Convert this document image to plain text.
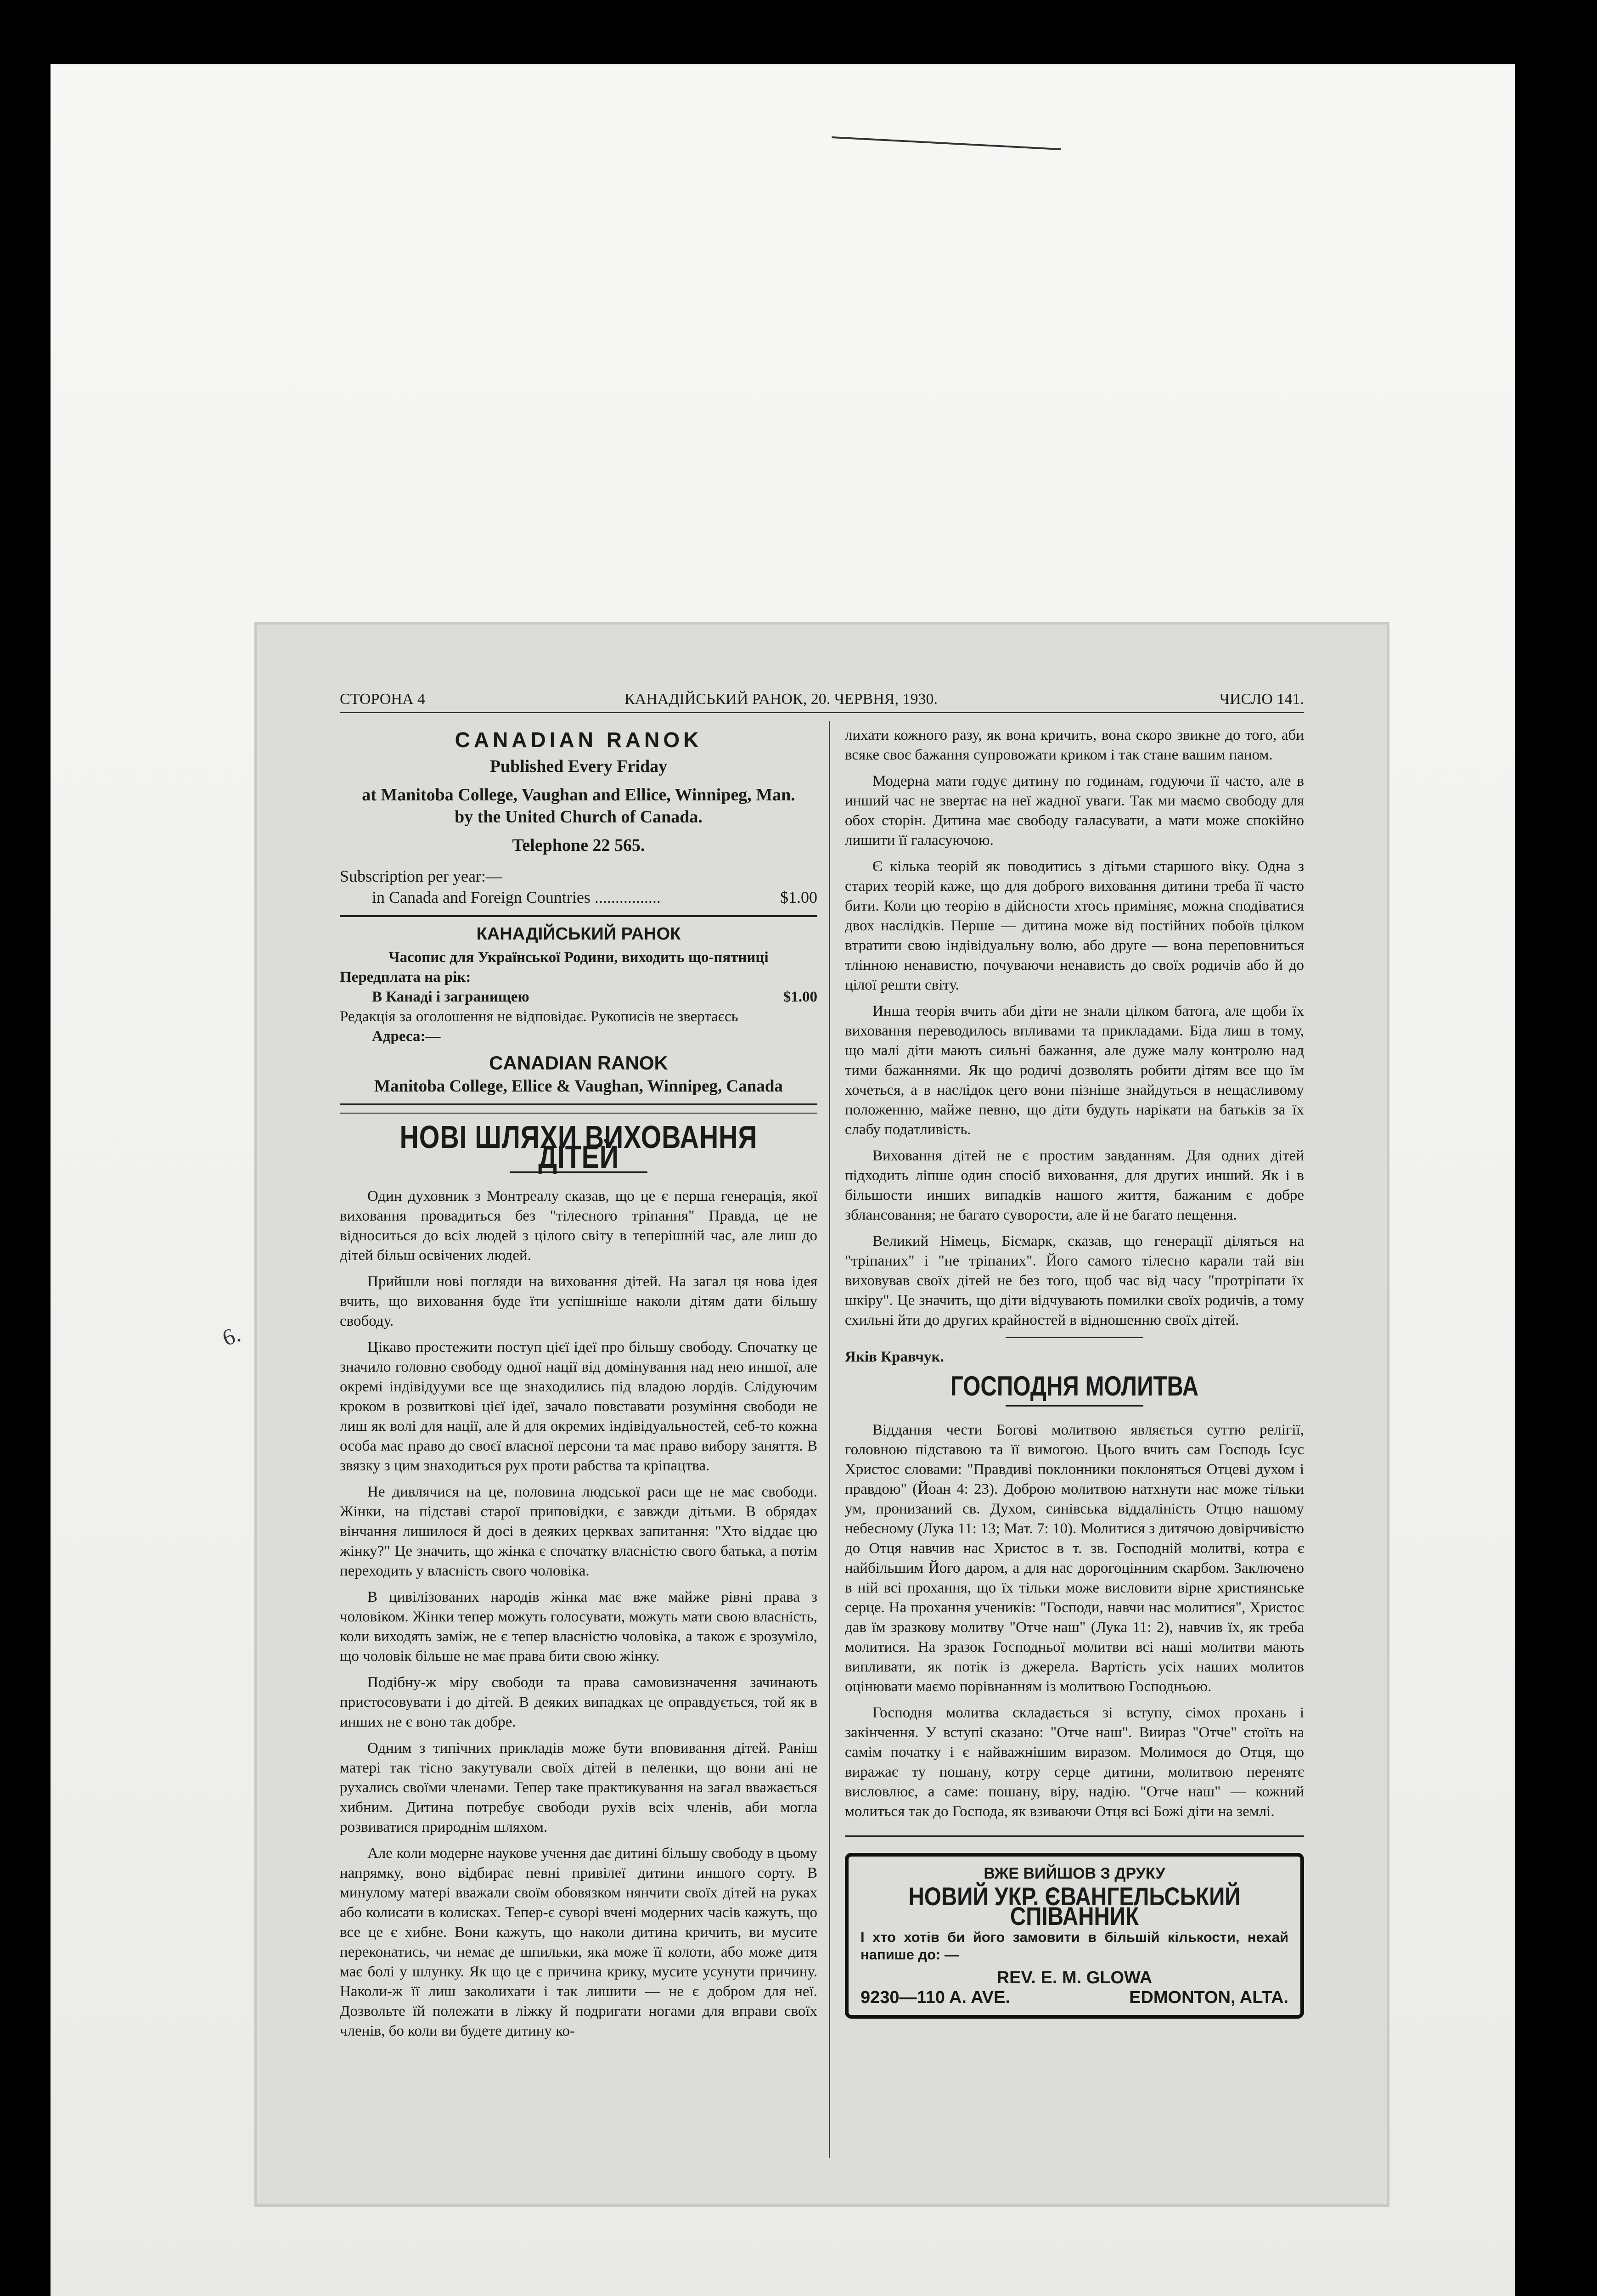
6.
СТОРОНА 4	КАНАДІЙСЬКИЙ РАНОК, 20. ЧЕРВНЯ, 1930.	ЧИСЛО 141.
CANADIAN RANOK
Published Every Friday
at Manitoba College, Vaughan and Ellice, Winnipeg, Man.
by the United Church of Canada.
Telephone 22 565.
Subscription per year:—
in Canada and Foreign Countries ................	$1.00
КАНАДІЙСЬКИЙ РАНОК
Часопис для Української Родини, виходить що-пятниці
Передплата на рік:
В Канаді і загранищею	$1.00
Редакція за оголошення не відповідає. Рукописів не звертаєсь
Адреса:—
CANADIAN RANOK
Manitoba College, Ellice & Vaughan, Winnipeg, Canada
НОВІ ШЛЯХИ ВИХОВАННЯ ДІТЕЙ

Один духовник з Монтреалу сказав, що це є перша генерація, якої виховання провадиться без "тілесного тріпання" Правда, це не відноситься до всіх людей з цілого світу в теперішній час, але лиш до дітей більш освічених людей.

Прийшли нові погляди на виховання дітей. На загал ця нова ідея вчить, що виховання буде їти успішніше наколи дітям дати більшу свободу.

Цікаво простежити поступ цієї ідеї про більшу свободу. Спочатку це значило головно свободу одної нації від домінування над нею иншої, але окремі індівідууми все ще знаходились під владою лордів. Слідуючим кроком в розвиткові цієї ідеї, зачало повставати розуміння свободи не лиш як волі для нації, але й для окремих індівідуальностей, себ-то кожна особа має право до своєї власної персони та має право вибору заняття. В звязку з цим знаходиться рух проти рабства та кріпацтва.

Не дивлячися на це, половина людської раси ще не має свободи. Жінки, на підставі старої приповідки, є завжди дітьми. В обрядах вінчання лишилося й досі в деяких церквах запитання: "Хто віддає цю жінку?" Це значить, що жінка є спочатку власністю свого батька, а потім переходить у власність свого чоловіка.

В цивілізованих народів жінка має вже майже рівні права з чоловіком. Жінки тепер можуть голосувати, можуть мати свою власність, коли виходять заміж, не є тепер власністю чоловіка, а також є зрозуміло, що чоловік більше не має права бити свою жінку.

Подібну-ж міру свободи та права самовизначення зачинають пристосовувати і до дітей. В деяких випадках це оправдується, той як в инших не є воно так добре.

Одним з типічних прикладів може бути вповивання дітей. Раніш матері так тісно закутували своїх дітей в пеленки, що вони ані не рухались своїми членами. Тепер таке практикування на загал вважається хибним. Дитина потребує свободи рухів всіх членів, аби могла розвиватися природнім шляхом.

Але коли модерне наукове учення дає дитині більшу свободу в цьому напрямку, воно відбирає певні привілеї дитини иншого сорту. В минулому матері вважали своїм обовязком нянчити своїх дітей на руках або колисати в колисках. Тепер-є суворі вчені модерних часів кажуть, що все це є хибне. Вони кажуть, що наколи дитина кричить, ви мусите переконатись, чи немає де шпильки, яка може її колоти, або може дитя має болі у шлунку. Як що це є причина крику, мусите усунути причину. Наколи-ж її лиш заколихати і так лишити — не є добром для неї. Дозвольте їй полежати в ліжку й подригати ногами для вправи своїх членів, бо коли ви будете дитину ко-

лихати кожного разу, як вона кричить, вона скоро звикне до того, аби всяке своє бажання супровожати криком і так стане вашим паном.

Модерна мати годує дитину по годинам, годуючи її часто, але в инший час не звертає на неї жадної уваги. Так ми маємо свободу для обох сторін. Дитина має свободу галасувати, а мати може спокійно лишити її галасуючою.

Є кілька теорій як поводитись з дітьми старшого віку. Одна з старих теорій каже, що для доброго виховання дитини треба її часто бити. Коли цю теорію в дійсности хтось приміняє, можна сподіватися двох наслідків. Перше — дитина може від постійних побоїв цілком втратити свою індівідуальну волю, або друге — вона переповниться тлінною ненавистю, почуваючи ненависть до своїх родичів або й до цілої решти світу.

Инша теорія вчить аби діти не знали цілком батога, але щоби їх виховання переводилось впливами та прикладами. Біда лиш в тому, що малі діти мають сильні бажання, але дуже малу контролю над тими бажаннями. Як що родичі дозволять робити дітям все що їм хочеться, а в наслідок цего вони пізніше знайдуться в нещасливому положенню, майже певно, що діти будуть нарікати на батьків за їх слабу податливість.

Виховання дітей не є простим завданням. Для одних дітей підходить ліпше один спосіб виховання, для других инший. Як і в більшости инших випадків нашого життя, бажаним є добре зблансовання; не багато суворости, але й не багато пещення.

Великий Німець, Бісмарк, сказав, що генерації діляться на "тріпаних" і "не тріпаних". Його самого тілесно карали тай він виховував своїх дітей не без того, щоб час від часу "протріпати їх шкіру". Це значить, що діти відчувають помилки своїх родичів, а тому схильні йти до других крайностей в відношенню своїх дітей.

Яків Кравчук.
ГОСПОДНЯ МОЛИТВА

Віддання чести Богові молитвою являється суттю релігії, головною підставою та її вимогою. Цього вчить сам Господь Ісус Христос словами: "Правдиві поклонники поклоняться Отцеві духом і правдою" (Йоан 4: 23). Доброю молитвою натхнути нас може тільки ум, пронизаний св. Духом, синівська віддаліність Отцю нашому небесному (Лука 11: 13; Мат. 7: 10). Молитися з дитячою довірчивістю до Отця навчив нас Христос в т. зв. Господній молитві, котра є найбільшим Його даром, а для нас дорогоцінним скарбом. Заключено в ній всі прохання, що їх тільки може висловити вірне християнське серце. На прохання учеників: "Господи, навчи нас молитися", Христос дав їм зразкову молитву "Отче наш" (Лука 11: 2), навчив їх, як треба молитися. На зразок Господньої молитви всі наші молитви мають випливати, як потік із джерела. Вартість усіх наших молитов оцінювати маємо порівнанням із молитвою Господньою.

Господня молитва складається зі вступу, сімох прохань і закінчення. У вступі сказано: "Отче наш". Виираз "Отче" стоїть на самім початку і є найважнішим виразом. Молимося до Отця, що виражає ту пошану, котру серце дитини, молитвою перенятє висловлює, а саме: пошану, віру, надію. "Отче наш" — кожний молиться так до Господа, як взиваючи Отця всі Божі діти на землі.

ВЖЕ ВИЙШОВ З ДРУКУ
НОВИЙ УКР. ЄВАНГЕЛЬСЬКИЙ СПІВАННИК
І хто хотів би його замовити в більшій кількости, нехай напише до: —
REV. E. M. GLOWA
9230—110 A. AVE.	EDMONTON, ALTA.
